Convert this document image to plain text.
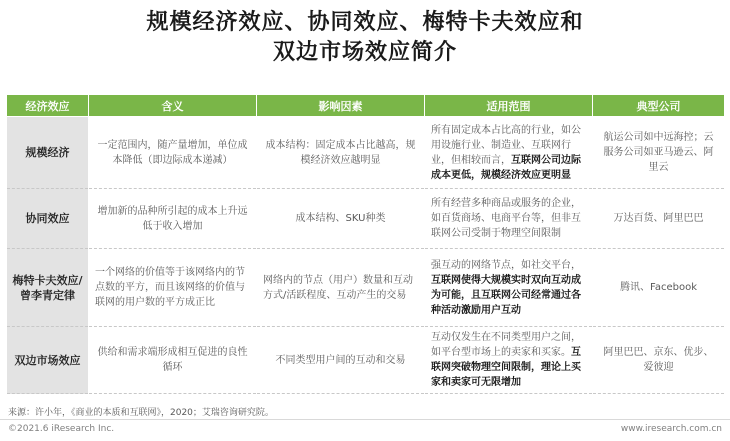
规模经济效应、协同效应、梅特卡夫效应和
双边市场效应简介
经济效应	含义	影响因素	适用范围	典型公司
规模经济	一定范围内，随产量增加，单位成本降低（即边际成本递减）	成本结构：固定成本占比越高，规模经济效应越明显	所有固定成本占比高的行业，如公用设施行业、制造业、互联网行业，但相较而言，互联网公司边际成本更低，规模经济效应更明显	航运公司如中远海控；云服务公司如亚马逊云、阿里云
协同效应	增加新的品种所引起的成本上升远低于收入增加	成本结构、SKU种类	所有经营多种商品或服务的企业，如百货商场、电商平台等，但非互联网公司受制于物理空间限制	万达百货、阿里巴巴
梅特卡夫效应/曾李青定律	一个网络的价值等于该网络内的节点数的平方，而且该网络的价值与联网的用户数的平方成正比	网络内的节点（用户）数量和互动方式/活跃程度、互动产生的交易	强互动的网络节点，如社交平台，互联网使得大规模实时双向互动成为可能，且互联网公司经常通过各种活动激励用户互动	腾讯、Facebook
双边市场效应	供给和需求端形成相互促进的良性循环	不同类型用户间的互动和交易	互动仅发生在不同类型用户之间，如平台型市场上的卖家和买家。互联网突破物理空间限制，理论上买家和卖家可无限增加	阿里巴巴、京东、优步、爱彼迎
来源：许小年，《商业的本质和互联网》，2020；艾瑞咨询研究院。
©2021.6 iResearch Inc.	www.iresearch.com.cn
